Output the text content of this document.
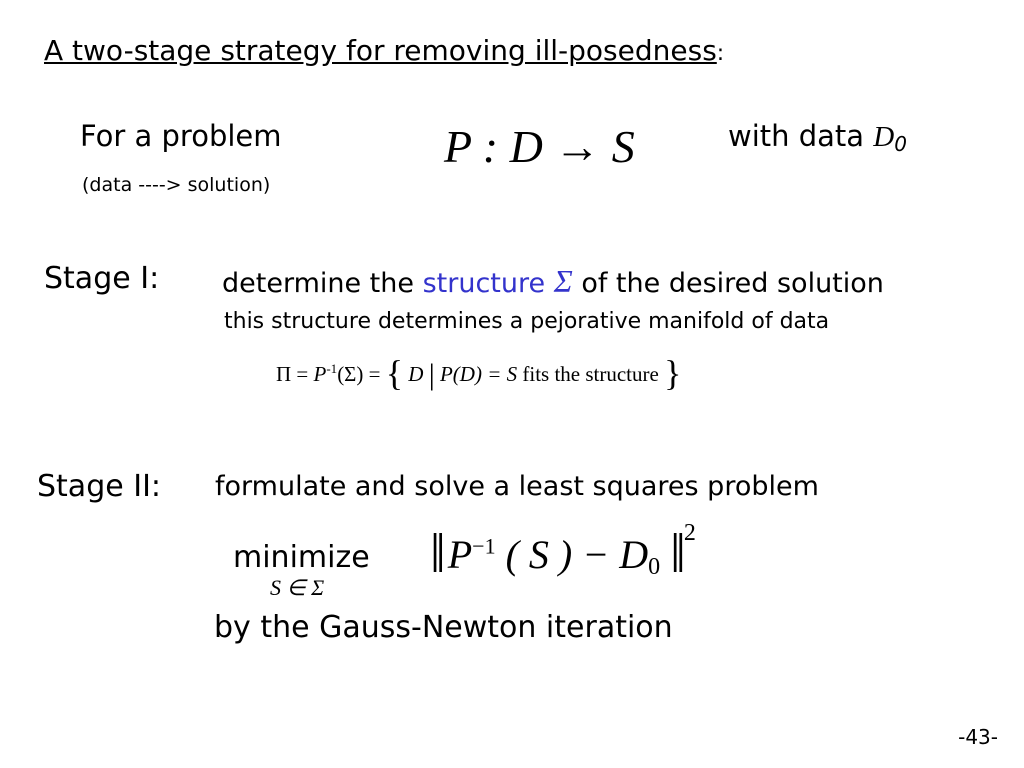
A two-stage strategy for removing ill-posedness:
For a problem
(data ----> solution)
P : D → S	with data $D_0$
Stage I: determine the structure Σ of the desired solution
this structure determines a pejorative manifold of data
$\Pi = P^{-1}(\Sigma)$ = { D | P(D) = S fits the structure }
Stage II: formulate and solve a least squares problem
minimize
S ∈ Σ
‖ $P^{-1}$ ( S ) − D0 ‖ $^2$
by the Gauss-Newton iteration
-43-
